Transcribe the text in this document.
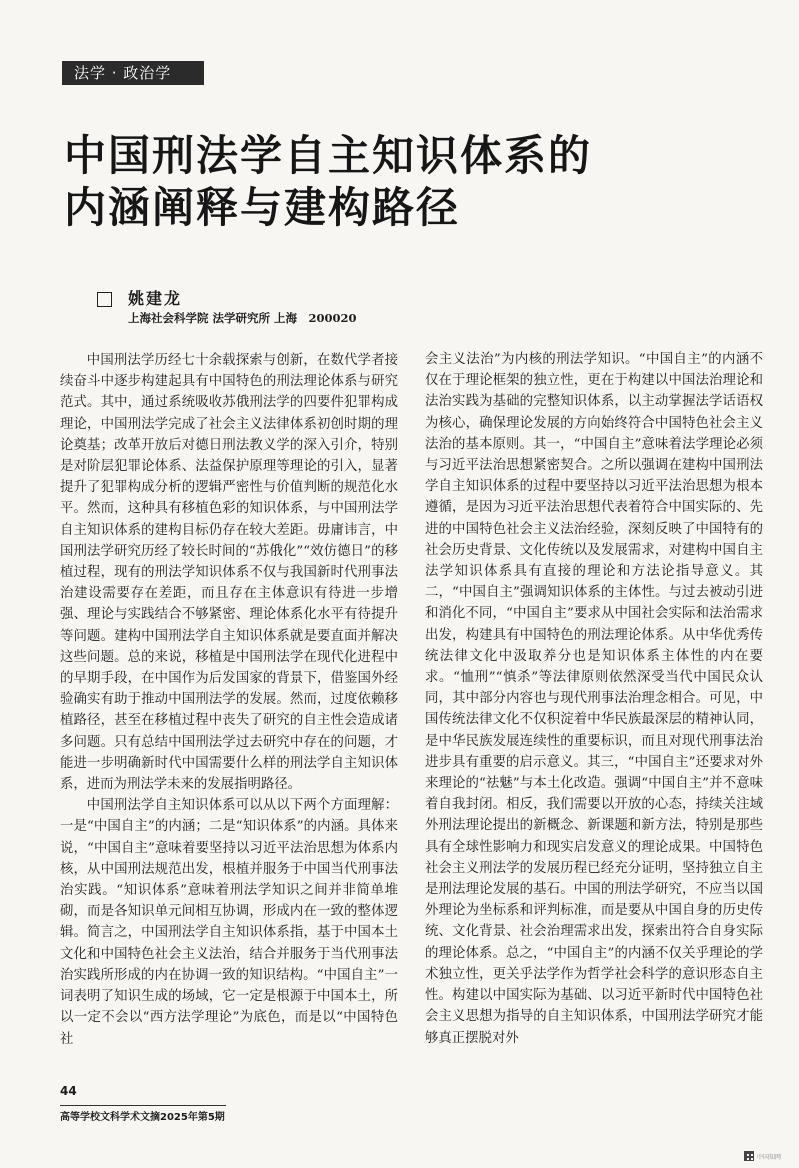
法学 · 政治学
中国刑法学自主知识体系的
内涵阐释与建构路径
姚建龙
上海社会科学院 法学研究所 上海　200020

中国刑法学历经七十余载探索与创新，在数代学者接续奋斗中逐步构建起具有中国特色的刑法理论体系与研究范式。其中，通过系统吸收苏俄刑法学的四要件犯罪构成理论，中国刑法学完成了社会主义法律体系初创时期的理论奠基；改革开放后对德日刑法教义学的深入引介，特别是对阶层犯罪论体系、法益保护原理等理论的引入，显著提升了犯罪构成分析的逻辑严密性与价值判断的规范化水平。然而，这种具有移植色彩的知识体系，与中国刑法学自主知识体系的建构目标仍存在较大差距。毋庸讳言，中国刑法学研究历经了较长时间的“苏俄化”“效仿德日”的移植过程，现有的刑法学知识体系不仅与我国新时代刑事法治建设需要存在差距，而且存在主体意识有待进一步增强、理论与实践结合不够紧密、理论体系化水平有待提升等问题。建构中国刑法学自主知识体系就是要直面并解决这些问题。总的来说，移植是中国刑法学在现代化进程中的早期手段，在中国作为后发国家的背景下，借鉴国外经验确实有助于推动中国刑法学的发展。然而，过度依赖移植路径，甚至在移植过程中丧失了研究的自主性会造成诸多问题。只有总结中国刑法学过去研究中存在的问题，才能进一步明确新时代中国需要什么样的刑法学自主知识体系，进而为刑法学未来的发展指明路径。

中国刑法学自主知识体系可以从以下两个方面理解：一是“中国自主”的内涵；二是“知识体系”的内涵。具体来说，“中国自主”意味着要坚持以习近平法治思想为体系内核，从中国刑法规范出发，根植并服务于中国当代刑事法治实践。“知识体系”意味着刑法学知识之间并非简单堆砌，而是各知识单元间相互协调，形成内在一致的整体逻辑。简言之，中国刑法学自主知识体系指，基于中国本土文化和中国特色社会主义法治，结合并服务于当代刑事法治实践所形成的内在协调一致的知识结构。“中国自主”一词表明了知识生成的场域，它一定是根源于中国本土，所以一定不会以“西方法学理论”为底色，而是以“中国特色社

会主义法治”为内核的刑法学知识。“中国自主”的内涵不仅在于理论框架的独立性，更在于构建以中国法治理论和法治实践为基础的完整知识体系，以主动掌握法学话语权为核心，确保理论发展的方向始终符合中国特色社会主义法治的基本原则。其一，“中国自主”意味着法学理论必须与习近平法治思想紧密契合。之所以强调在建构中国刑法学自主知识体系的过程中要坚持以习近平法治思想为根本遵循，是因为习近平法治思想代表着符合中国实际的、先进的中国特色社会主义法治经验，深刻反映了中国特有的社会历史背景、文化传统以及发展需求，对建构中国自主法学知识体系具有直接的理论和方法论指导意义。其二，“中国自主”强调知识体系的主体性。与过去被动引进和消化不同，“中国自主”要求从中国社会实际和法治需求出发，构建具有中国特色的刑法理论体系。从中华优秀传统法律文化中汲取养分也是知识体系主体性的内在要求。“恤刑”“慎杀”等法律原则依然深受当代中国民众认同，其中部分内容也与现代刑事法治理念相合。可见，中国传统法律文化不仅积淀着中华民族最深层的精神认同，是中华民族发展连续性的重要标识，而且对现代刑事法治进步具有重要的启示意义。其三，“中国自主”还要求对外来理论的“祛魅”与本土化改造。强调“中国自主”并不意味着自我封闭。相反，我们需要以开放的心态，持续关注域外刑法理论提出的新概念、新课题和新方法，特别是那些具有全球性影响力和现实启发意义的理论成果。中国特色社会主义刑法学的发展历程已经充分证明，坚持独立自主是刑法理论发展的基石。中国的刑法学研究，不应当以国外理论为坐标系和评判标准，而是要从中国自身的历史传统、文化背景、社会治理需求出发，探索出符合自身实际的理论体系。总之，“中国自主”的内涵不仅关乎理论的学术独立性，更关乎法学作为哲学社会科学的意识形态自主性。构建以中国实际为基础、以习近平新时代中国特色社会主义思想为指导的自主知识体系，中国刑法学研究才能够真正摆脱对外

44
高等学校文科学术文摘2025年第5期
中国知网
